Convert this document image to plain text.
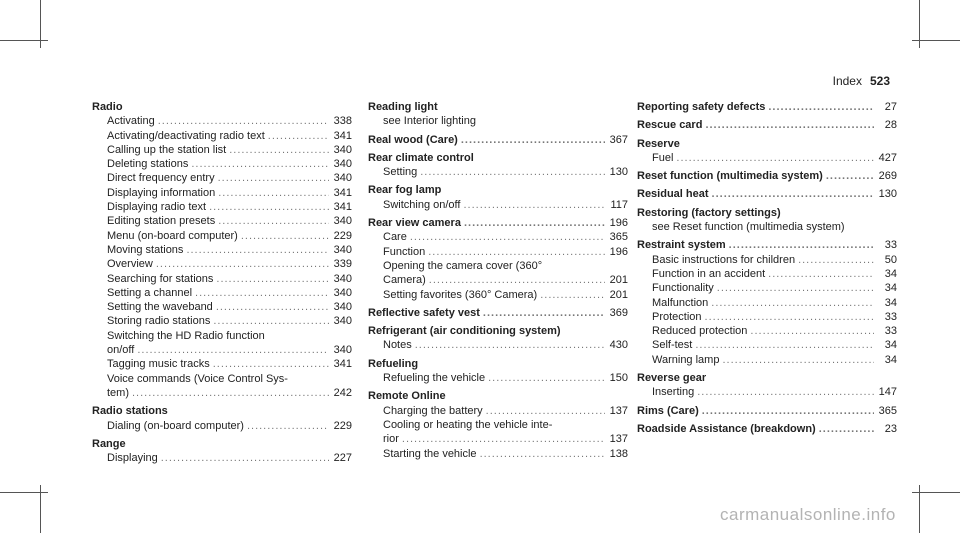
Index 523
Radio
Activating .....	338
Activating/deactivating radio text .....	341
Calling up the station list .....	340
Deleting stations .....	340
Direct frequency entry .....	340
Displaying information .....	341
Displaying radio text .....	341
Editing station presets .....	340
Menu (on-board computer) .....	229
Moving stations .....	340
Overview .....	339
Searching for stations .....	340
Setting a channel .....	340
Setting the waveband .....	340
Storing radio stations .....	340
Switching the HD Radio function
on/off .....	340
Tagging music tracks .....	341
Voice commands (Voice Control Sys-
tem) .....	242
Radio stations
Dialing (on-board computer) .....	229
Range
Displaying .....	227
Reading light
see Interior lighting
Real wood (Care) .....	367
Rear climate control
Setting .....	130
Rear fog lamp
Switching on/off .....	117
Rear view camera .....	196
Care .....	365
Function .....	196
Opening the camera cover (360°
Camera) .....	201
Setting favorites (360° Camera) .....	201
Reflective safety vest .....	369
Refrigerant (air conditioning system)
Notes .....	430
Refueling
Refueling the vehicle .....	150
Remote Online
Charging the battery .....	137
Cooling or heating the vehicle inte-
rior .....	137
Starting the vehicle .....	138
Reporting safety defects .....	27
Rescue card .....	28
Reserve
Fuel .....	427
Reset function (multimedia system) .....	269
Residual heat .....	130
Restoring (factory settings)
see Reset function (multimedia system)
Restraint system .....	33
Basic instructions for children .....	50
Function in an accident .....	34
Functionality .....	34
Malfunction .....	34
Protection .....	33
Reduced protection .....	33
Self-test .....	34
Warning lamp .....	34
Reverse gear
Inserting .....	147
Rims (Care) .....	365
Roadside Assistance (breakdown) .....	23
carmanualsonline.info
